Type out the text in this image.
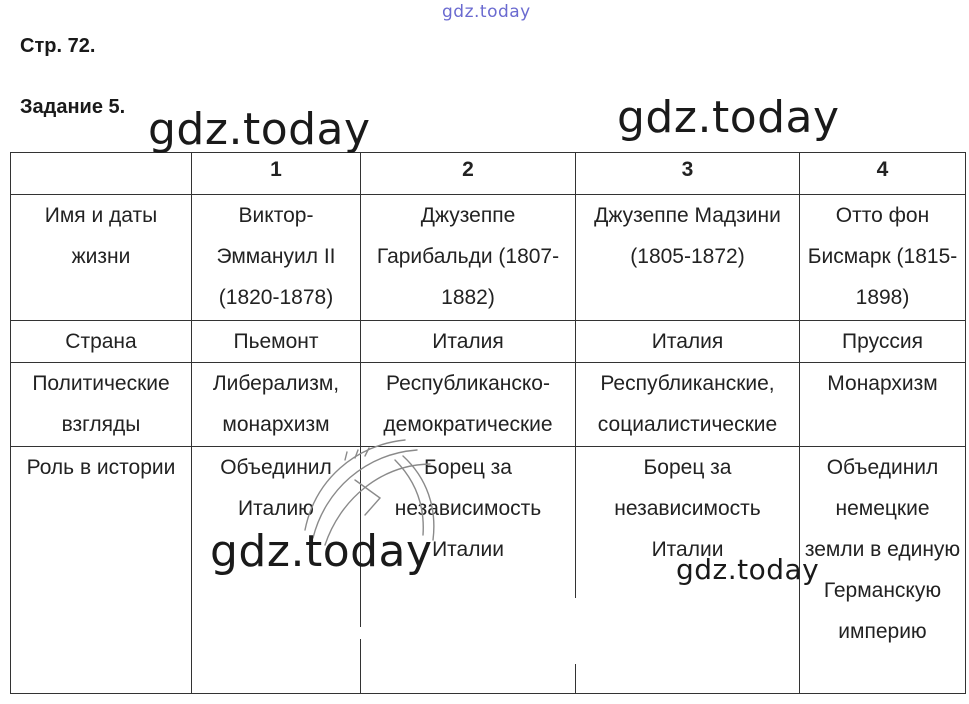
gdz.today
Стр. 72.
Задание 5.
	1	2	3	4
Имя и даты жизни	Виктор-Эммануил II (1820-1878)	Джузеппе Гарибальди (1807-1882)	Джузеппе Мадзини (1805-1872)	Отто фон Бисмарк (1815-1898)
Страна	Пьемонт	Италия	Италия	Пруссия
Политические взгляды	Либерализм, монархизм	Республиканско-демократические	Республиканские, социалистические	Монархизм
Роль в истории	Объединил Италию	Борец за независимость Италии	Борец за независимость Италии	Объединил немецкие земли в единую Германскую империю
gdz.today	gdz.today
gdz.today	gdz.today
